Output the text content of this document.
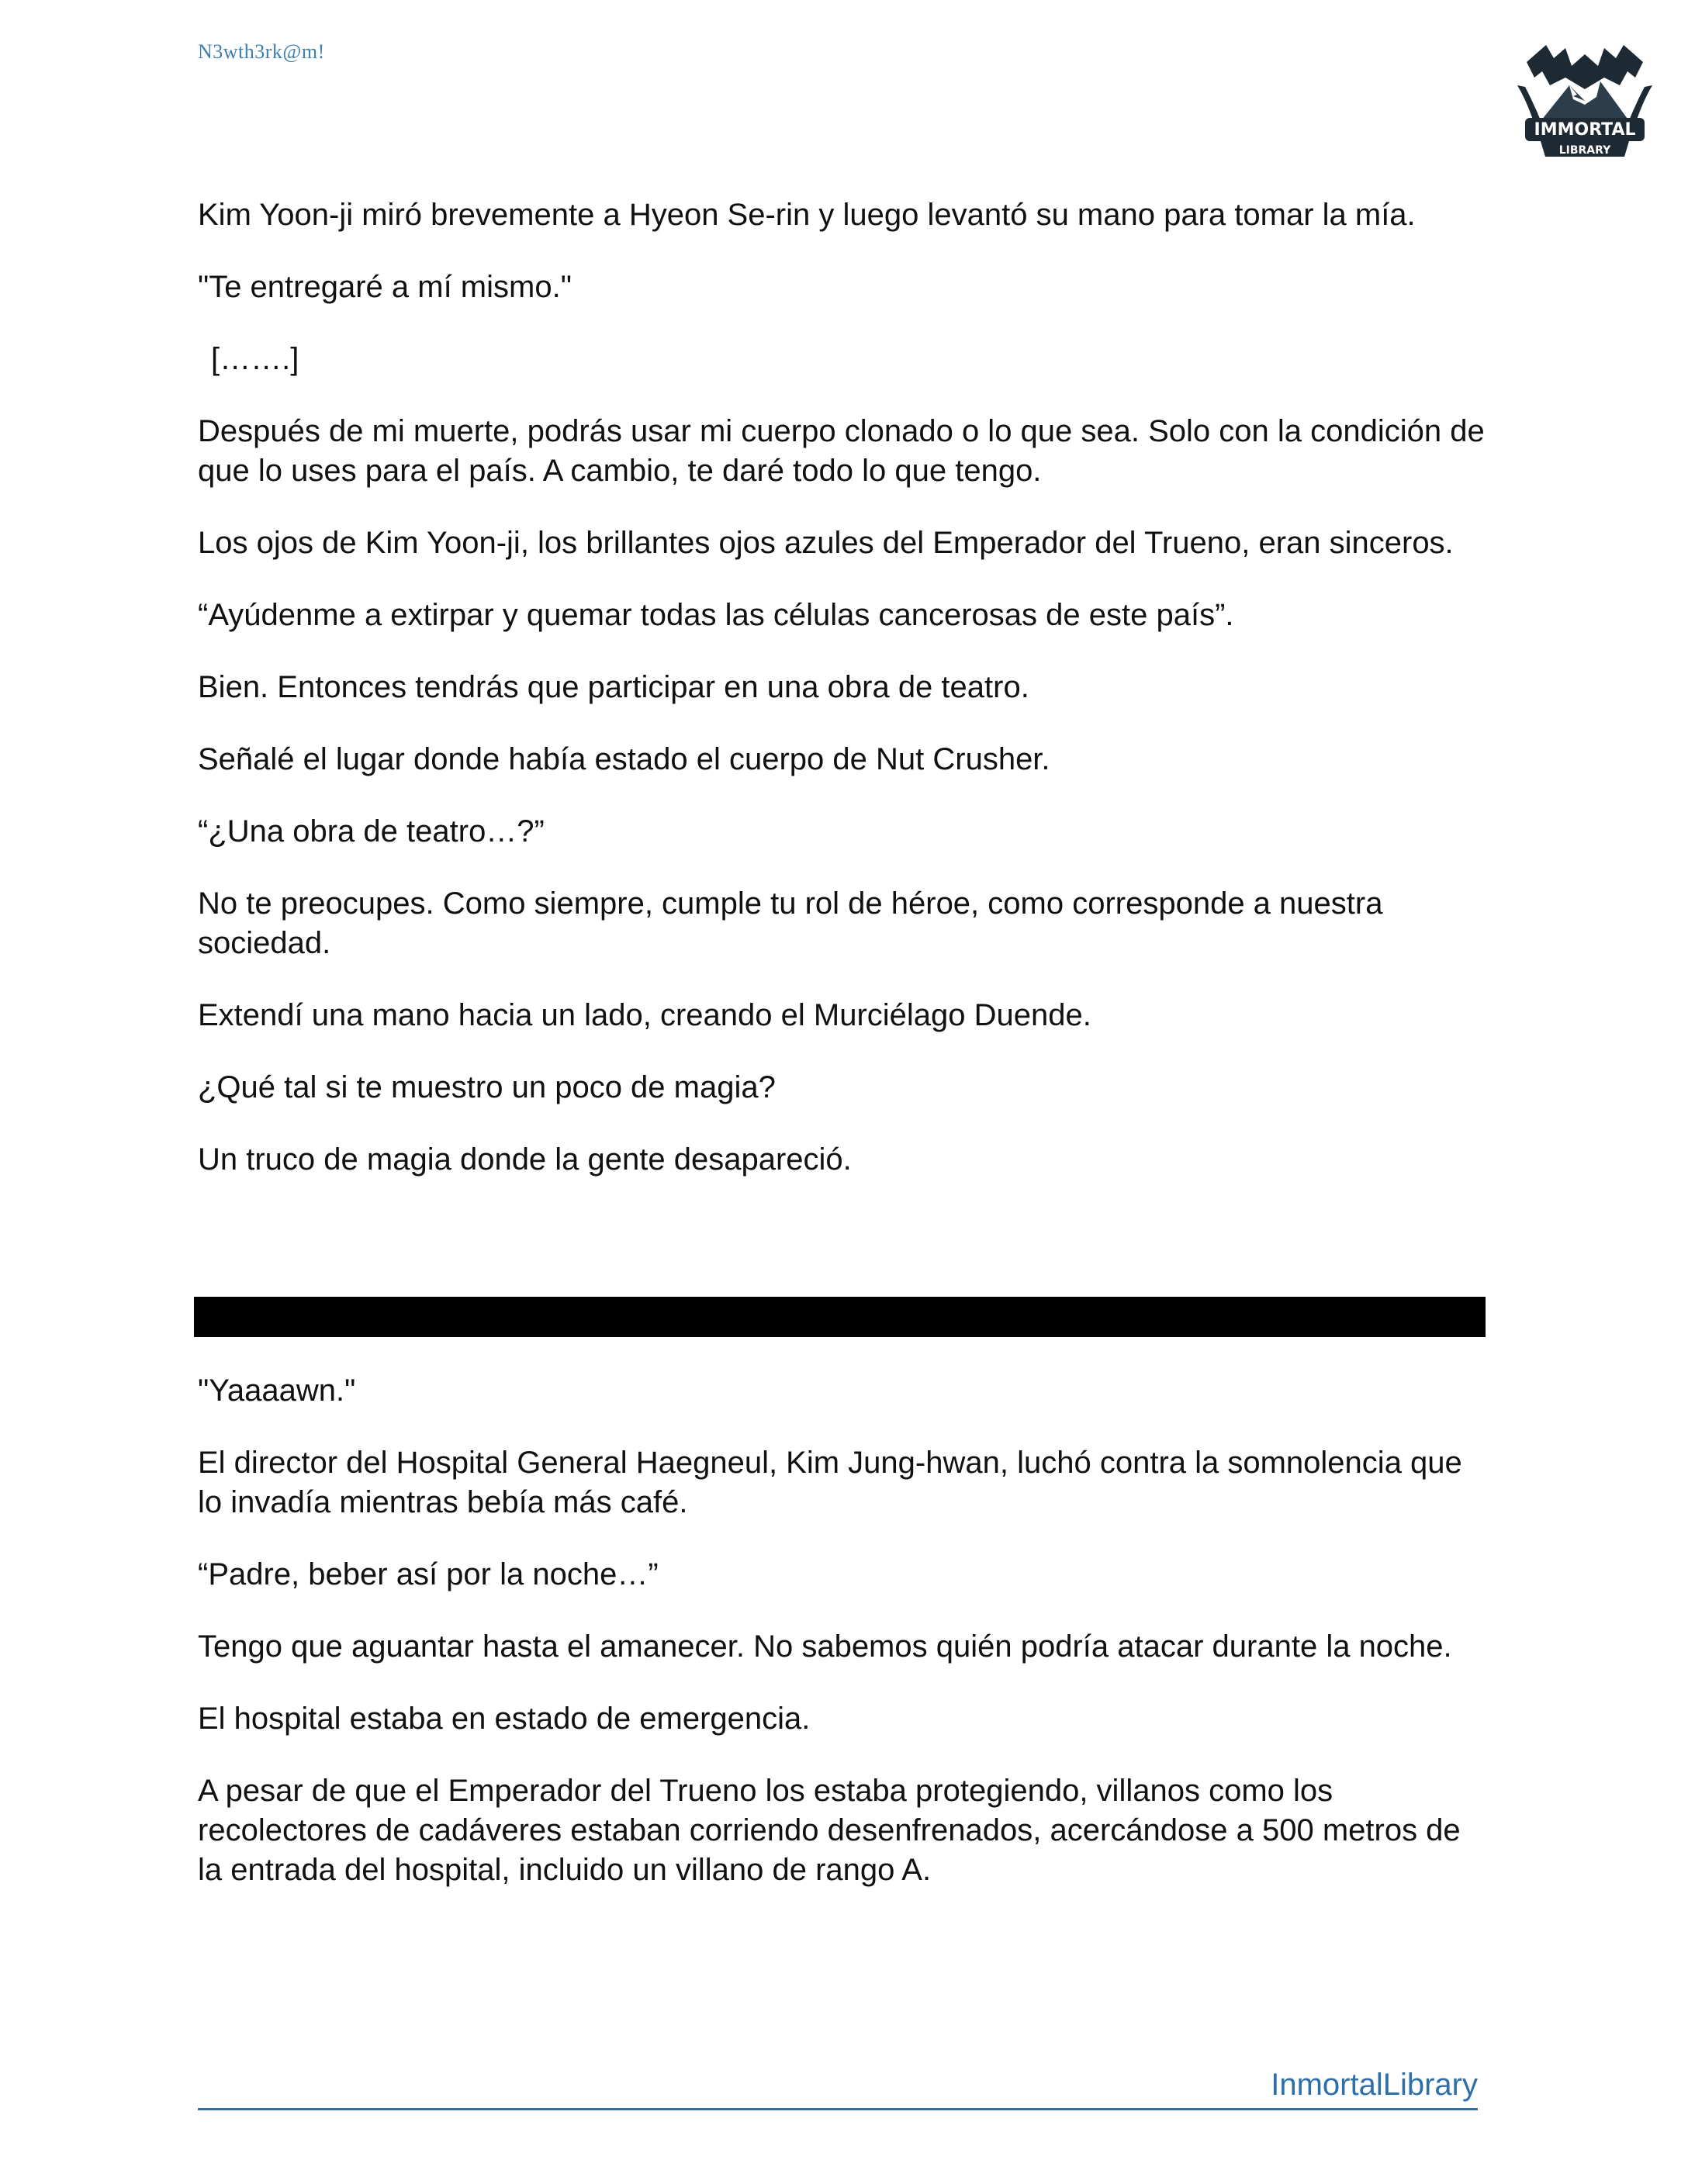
N3wth3rk@m!
IMMORTAL
LIBRARY

Kim Yoon-ji miró brevemente a Hyeon Se-rin y luego levantó su mano para tomar la mía.

"Te entregaré a mí mismo."

[…….]

Después de mi muerte, podrás usar mi cuerpo clonado o lo que sea. Solo con la condición de que lo uses para el país. A cambio, te daré todo lo que tengo.

Los ojos de Kim Yoon-ji, los brillantes ojos azules del Emperador del Trueno, eran sinceros.

“Ayúdenme a extirpar y quemar todas las células cancerosas de este país”.

Bien. Entonces tendrás que participar en una obra de teatro.

Señalé el lugar donde había estado el cuerpo de Nut Crusher.

“¿Una obra de teatro…?”

No te preocupes. Como siempre, cumple tu rol de héroe, como corresponde a nuestra sociedad.

Extendí una mano hacia un lado, creando el Murciélago Duende.

¿Qué tal si te muestro un poco de magia?

Un truco de magia donde la gente desapareció.

"Yaaaawn."

El director del Hospital General Haegneul, Kim Jung-hwan, luchó contra la somnolencia que lo invadía mientras bebía más café.

“Padre, beber así por la noche…”

Tengo que aguantar hasta el amanecer. No sabemos quién podría atacar durante la noche.

El hospital estaba en estado de emergencia.

A pesar de que el Emperador del Trueno los estaba protegiendo, villanos como los recolectores de cadáveres estaban corriendo desenfrenados, acercándose a 500 metros de la entrada del hospital, incluido un villano de rango A.

InmortalLibrary
